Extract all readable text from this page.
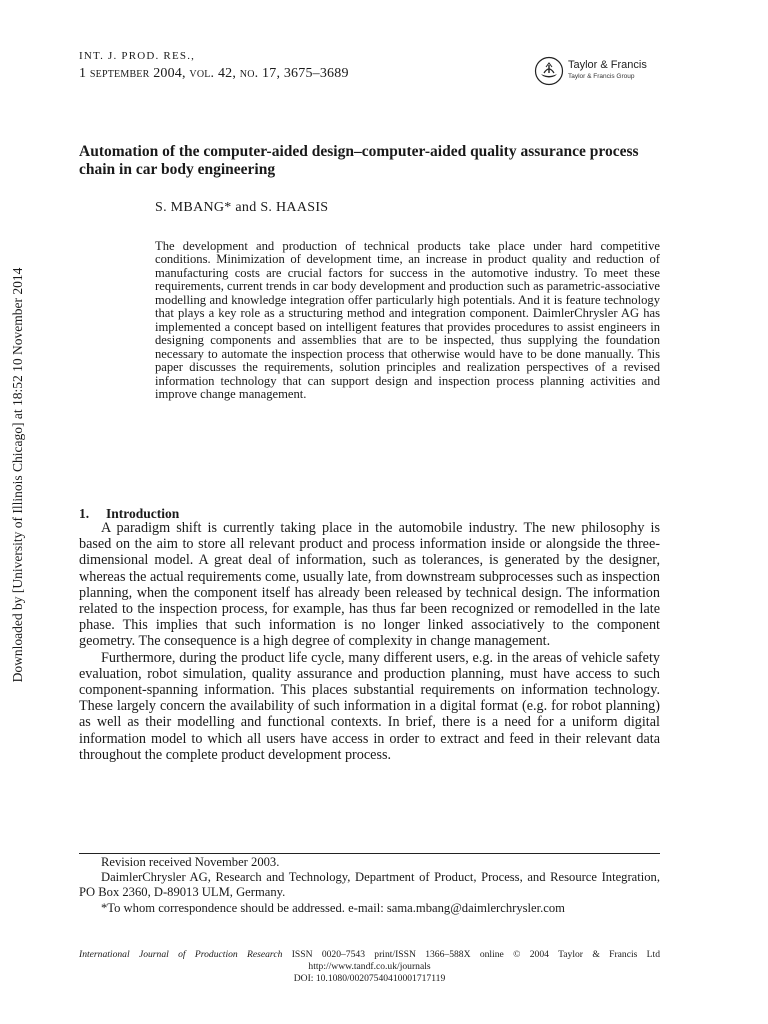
INT. J. PROD. RES.,
1 september 2004, vol. 42, no. 17, 3675–3689
Taylor & Francis
Taylor & Francis Group
Downloaded by [University of Illinois Chicago] at 18:52 10 November 2014
Automation of the computer-aided design–computer-aided quality assurance process chain in car body engineering
S. MBANG* and S. HAASIS
The development and production of technical products take place under hard competitive conditions. Minimization of development time, an increase in product quality and reduction of manufacturing costs are crucial factors for success in the automotive industry. To meet these requirements, current trends in car body development and production such as parametric-associative modelling and knowledge integration offer particularly high potentials. And it is feature technology that plays a key role as a structuring method and integration component. DaimlerChrysler AG has implemented a concept based on intelligent features that provides procedures to assist engineers in designing components and assemblies that are to be inspected, thus supplying the foundation necessary to automate the inspection process that otherwise would have to be done manually. This paper discusses the requirements, solution principles and realization perspectives of a revised information technology that can support design and inspection process planning activities and improve change management.
1. Introduction

A paradigm shift is currently taking place in the automobile industry. The new philosophy is based on the aim to store all relevant product and process information inside or alongside the three-dimensional model. A great deal of information, such as tolerances, is generated by the designer, whereas the actual requirements come, usually late, from downstream subprocesses such as inspection planning, when the component itself has already been released by technical design. The information related to the inspection process, for example, has thus far been recognized or remodelled in the late phase. This implies that such information is no longer linked associatively to the component geometry. The consequence is a high degree of complexity in change management.

Furthermore, during the product life cycle, many different users, e.g. in the areas of vehicle safety evaluation, robot simulation, quality assurance and production planning, must have access to such component-spanning information. This places substantial requirements on information technology. These largely concern the availability of such information in a digital format (e.g. for robot planning) as well as their modelling and functional contexts. In brief, there is a need for a uniform digital information model to which all users have access in order to extract and feed in their relevant data throughout the complete product development process.

Revision received November 2003.

DaimlerChrysler AG, Research and Technology, Department of Product, Process, and Resource Integration, PO Box 2360, D-89013 ULM, Germany.

*To whom correspondence should be addressed. e-mail: sama.mbang@daimlerchrysler.com

International Journal of Production Research ISSN 0020–7543 print/ISSN 1366–588X online © 2004 Taylor & Francis Ltd
http://www.tandf.co.uk/journals
DOI: 10.1080/00207540410001717119
